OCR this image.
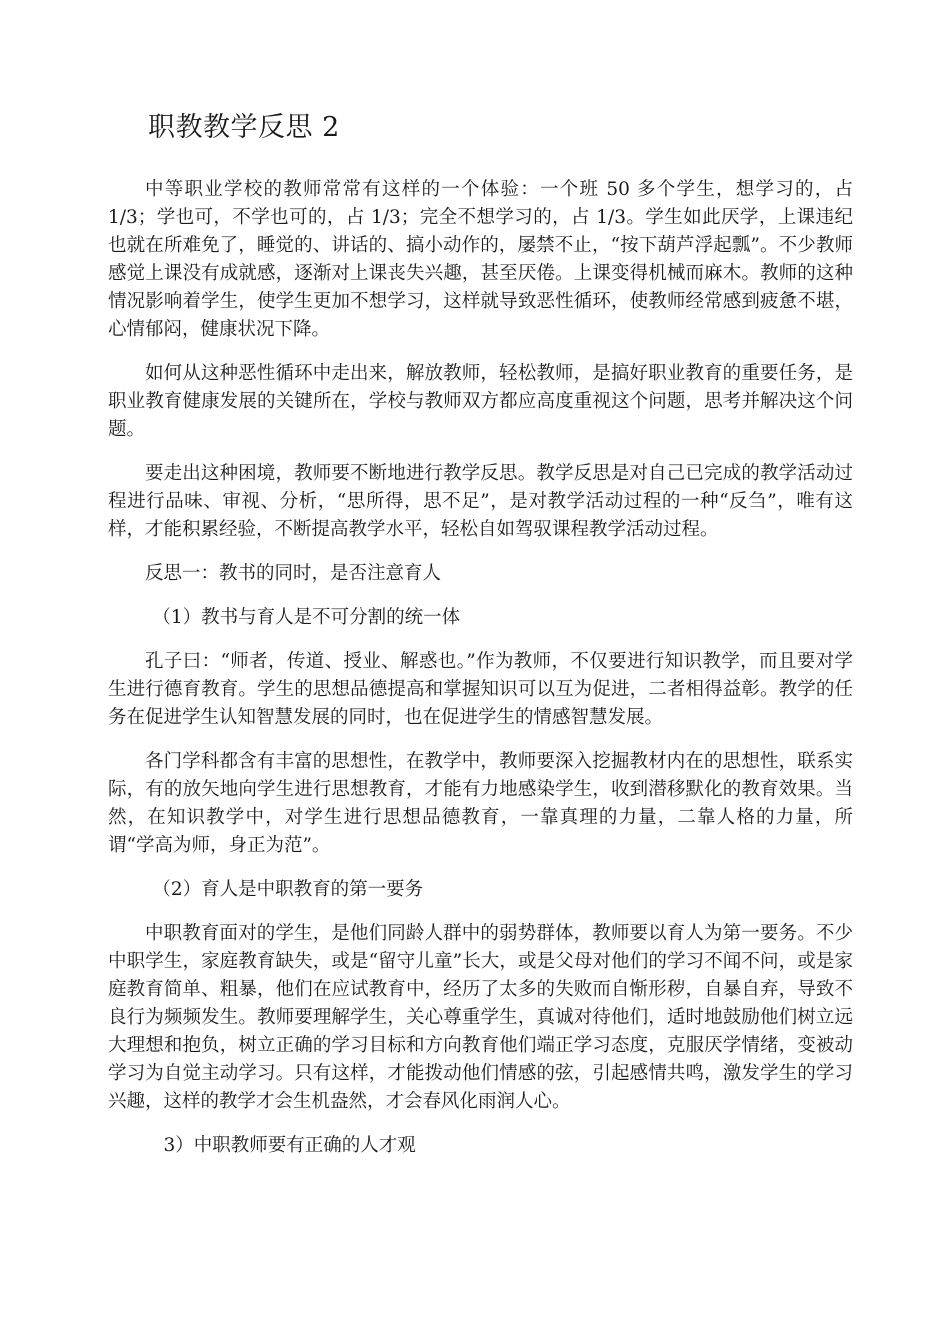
职教教学反思 2

中等职业学校的教师常常有这样的一个体验：一个班 50 多个学生，想学习的，占 1/3；学也可，不学也可的，占 1/3；完全不想学习的，占 1/3。学生如此厌学，上课违纪也就在所难免了，睡觉的、讲话的、搞小动作的，屡禁不止，“按下葫芦浮起瓢”。不少教师感觉上课没有成就感，逐渐对上课丧失兴趣，甚至厌倦。上课变得机械而麻木。教师的这种情况影响着学生，使学生更加不想学习，这样就导致恶性循环，使教师经常感到疲惫不堪，心情郁闷，健康状况下降。

如何从这种恶性循环中走出来，解放教师，轻松教师，是搞好职业教育的重要任务，是职业教育健康发展的关键所在，学校与教师双方都应高度重视这个问题，思考并解决这个问题。

要走出这种困境，教师要不断地进行教学反思。教学反思是对自己已完成的教学活动过程进行品味、审视、分析，“思所得，思不足”，是对教学活动过程的一种“反刍”，唯有这样，才能积累经验，不断提高教学水平，轻松自如驾驭课程教学活动过程。

反思一：教书的同时，是否注意育人

（1）教书与育人是不可分割的统一体

孔子曰：“师者，传道、授业、解惑也。”作为教师，不仅要进行知识教学，而且要对学生进行德育教育。学生的思想品德提高和掌握知识可以互为促进，二者相得益彰。教学的任务在促进学生认知智慧发展的同时，也在促进学生的情感智慧发展。

各门学科都含有丰富的思想性，在教学中，教师要深入挖掘教材内在的思想性，联系实际，有的放矢地向学生进行思想教育，才能有力地感染学生，收到潜移默化的教育效果。当然，在知识教学中，对学生进行思想品德教育，一靠真理的力量，二靠人格的力量，所谓“学高为师，身正为范”。

（2）育人是中职教育的第一要务

中职教育面对的学生，是他们同龄人群中的弱势群体，教师要以育人为第一要务。不少中职学生，家庭教育缺失，或是“留守儿童”长大，或是父母对他们的学习不闻不问，或是家庭教育简单、粗暴，他们在应试教育中，经历了太多的失败而自惭形秽，自暴自弃，导致不良行为频频发生。教师要理解学生，关心尊重学生，真诚对待他们，适时地鼓励他们树立远大理想和抱负，树立正确的学习目标和方向教育他们端正学习态度，克服厌学情绪，变被动学习为自觉主动学习。只有这样，才能拨动他们情感的弦，引起感情共鸣，激发学生的学习兴趣，这样的教学才会生机盎然，才会春风化雨润人心。

3）中职教师要有正确的人才观
